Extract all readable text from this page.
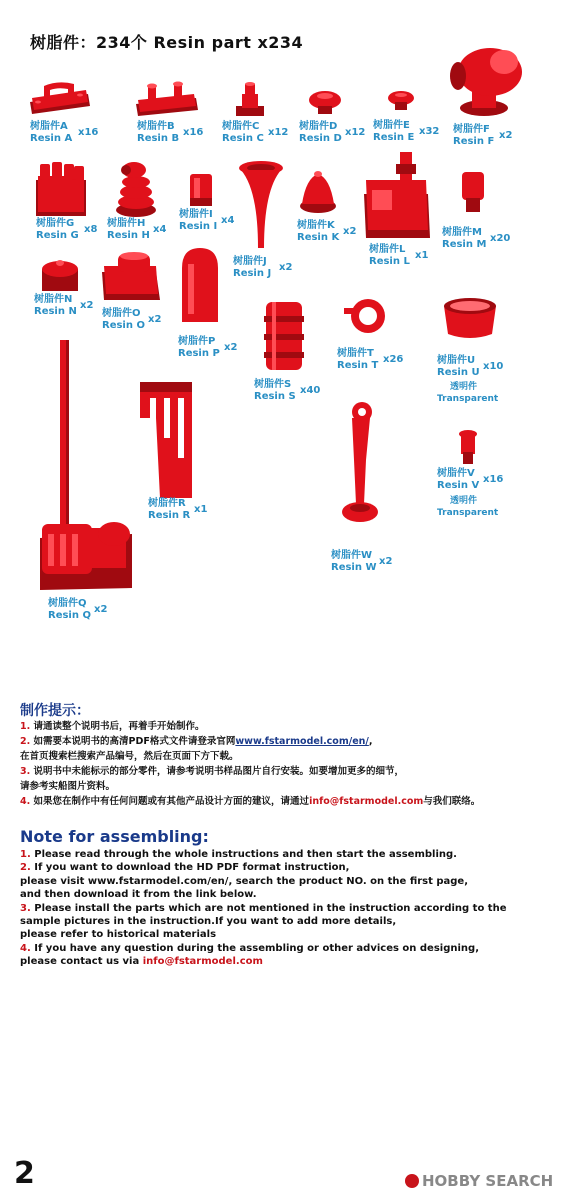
树脂件：234个 Resin part x234
树脂件A
Resin A
x16
树脂件B
Resin B
x16
树脂件C
Resin C
x12
树脂件D
Resin D
x12
树脂件E
Resin E
x32 树脂件F
Resin F
x2
树脂件G
Resin G
x8
树脂件H
Resin H
x4
树脂件I
Resin I
x4
树脂件J
Resin J
x2
树脂件K
Resin K
x2
树脂件L
Resin L
x1
树脂件M
Resin M
x20
树脂件N
Resin N
x2
树脂件O
Resin O
x2
树脂件P
Resin P
x2
树脂件S
Resin S
x40
树脂件T
Resin T
x26	树脂件U
Resin U
x10
透明件
Transparent
树脂件V
Resin V
x16
透明件
Transparent
树脂件R
Resin R
x1
树脂件W
Resin W
x2
树脂件Q
Resin Q
x2
制作提示：
1. 请通读整个说明书后，再着手开始制作。
2. 如需要本说明书的高清PDF格式文件请登录官网www.fstarmodel.com/en/,
在首页搜索栏搜索产品编号，然后在页面下方下载。
3. 说明书中未能标示的部分零件，请参考说明书样品图片自行安装。如要增加更多的细节，
请参考实船图片资料。
4. 如果您在制作中有任何问题或有其他产品设计方面的建议，请通过info@fstarmodel.com与我们联络。
Note for assembling:
1. Please read through the whole instructions and then start the assembling.
2. If you want to download the HD PDF format instruction,
please visit www.fstarmodel.com/en/, search the product NO. on the first page,
and then download it from the link below.
3. Please install the parts which are not mentioned in the instruction according to the
sample pictures in the instruction.If you want to add more details,
please refer to historical materials
4. If you have any question during the assembling or other advices on designing,
please contact us via info@fstarmodel.com
2	HOBBY SEARCH
